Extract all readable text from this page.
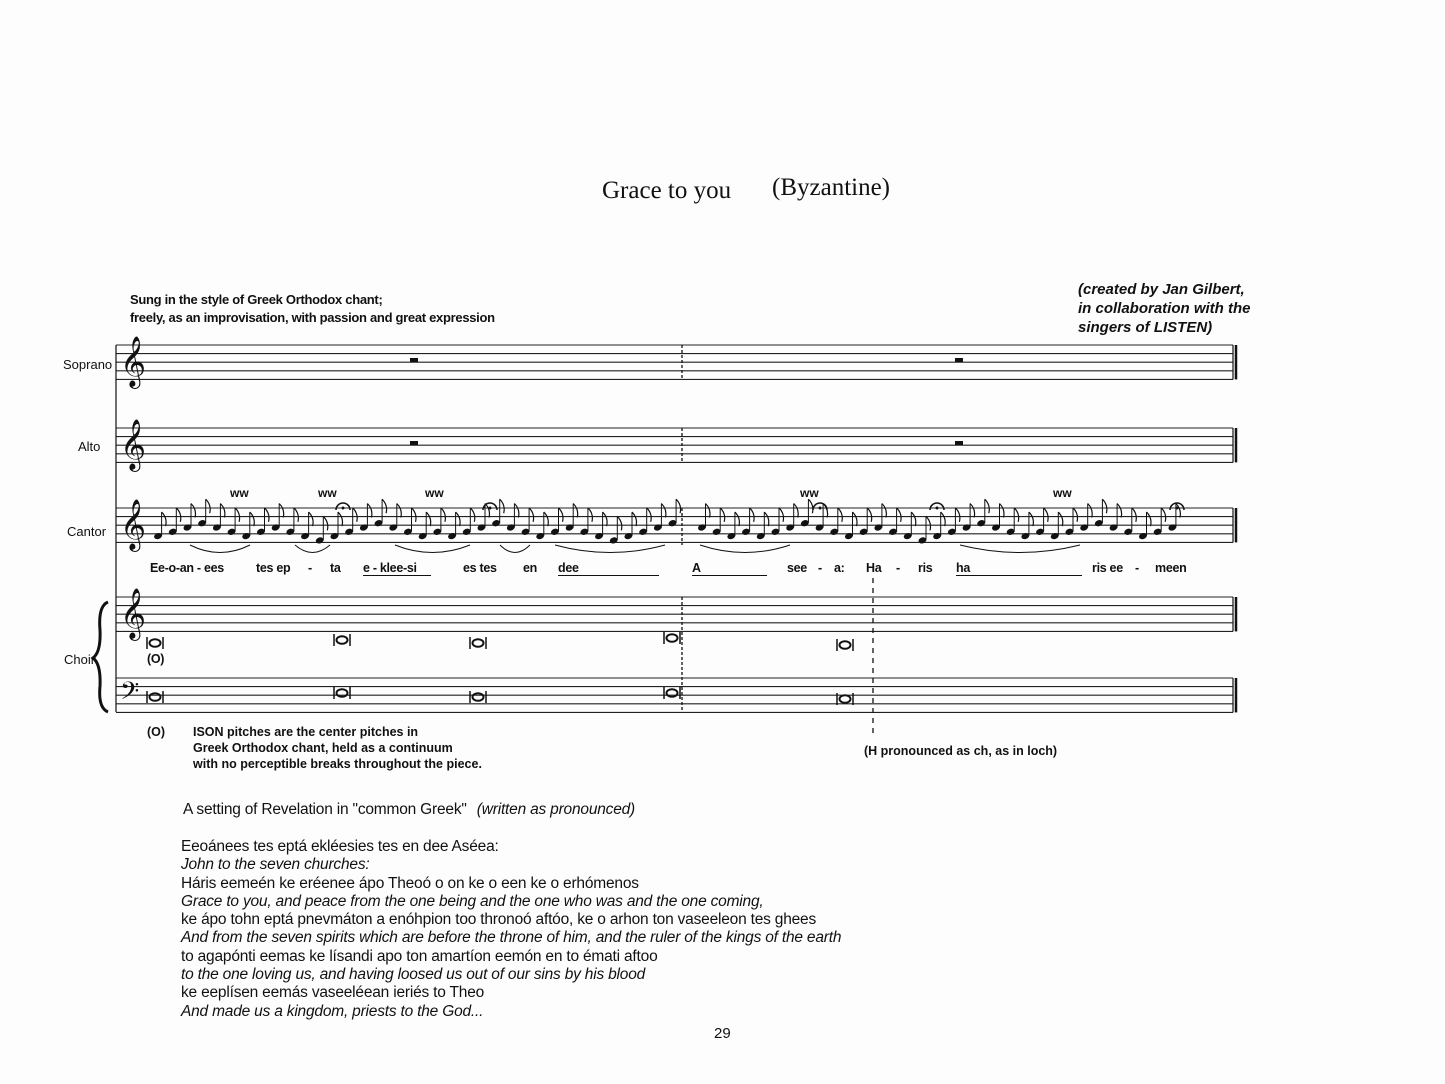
𝄞
𝄞
𝄞
𝄞
𝄢
ww	ww	ww	ww	ww
Grace to you (Byzantine)
Sung in the style of Greek Orthodox chant;
freely, as an improvisation, with passion and great expression
(created by Jan Gilbert,
in collaboration with the
singers of LISTEN)
Soprano
Alto
Cantor
Choir	(O)
Ee-o-an - ees	tes ep - ta e - klee-si	es tes en dee	A	see - a: Ha - ris ha	ris ee - meen
(O) ISON pitches are the center pitches in
Greek Orthodox chant, held as a continuum
with no perceptible breaks throughout the piece.
(H pronounced as ch, as in loch)
A setting of Revelation in "common Greek" (written as pronounced)
Eeoánees tes eptá ekléesies tes en dee Aséea:
John to the seven churches:
Háris eemeén ke eréenee ápo Theoó o on ke o een ke o erhómenos
Grace to you, and peace from the one being and the one who was and the one coming,
ke ápo tohn eptá pnevmáton a enóhpion too thronoó aftóo, ke o arhon ton vaseeleon tes ghees
And from the seven spirits which are before the throne of him, and the ruler of the kings of the earth
to agapónti eemas ke lísandi apo ton amartíon eemón en to émati aftoo
to the one loving us, and having loosed us out of our sins by his blood
ke eeplísen eemás vaseeléean ieriés to Theo
And made us a kingdom, priests to the God...
29
